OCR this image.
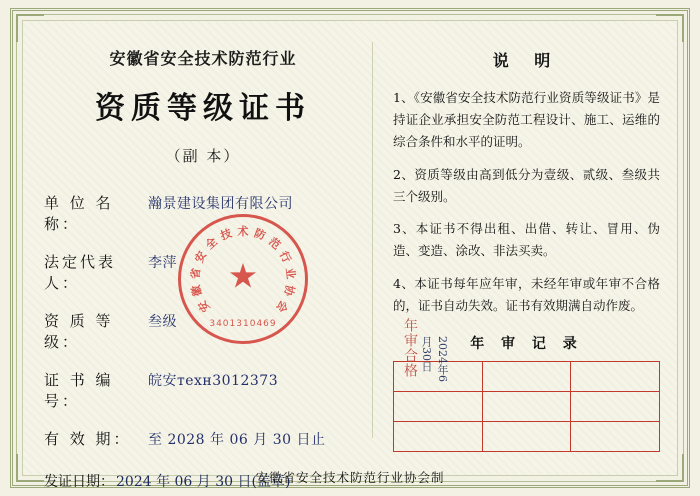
安徽省安全技术防范行业
资质等级证书
（副 本）
单 位 名 称：
瀚景建设集团有限公司
法定代表人：
李萍
资 质 等 级：
叁级
证 书 编 号：
皖安техн3012373
有 效 期：	至 2028 年 06 月 30 日止
发证日期： 2024 年 06 月 30 日(盖章)
安
徽
省
安
全
技 术 防
范
行
业
协
会
★
3401310469
说 明
1、《安徽省安全技术防范行业资质等级证书》是持证企业承担安全防范工程设计、施工、运维的综合条件和水平的证明。
2、资质等级由高到低分为壹级、贰级、叁级共三个级别。
3、本证书不得出租、出借、转让、冒用、伪造、变造、涂改、非法买卖。
4、本证书每年应年审，未经年审或年审不合格的，证书自动失效。证书有效期满自动作废。
年 审 记 录
年审合格 2024年6月30日		

安徽省安全技术防范行业协会制
